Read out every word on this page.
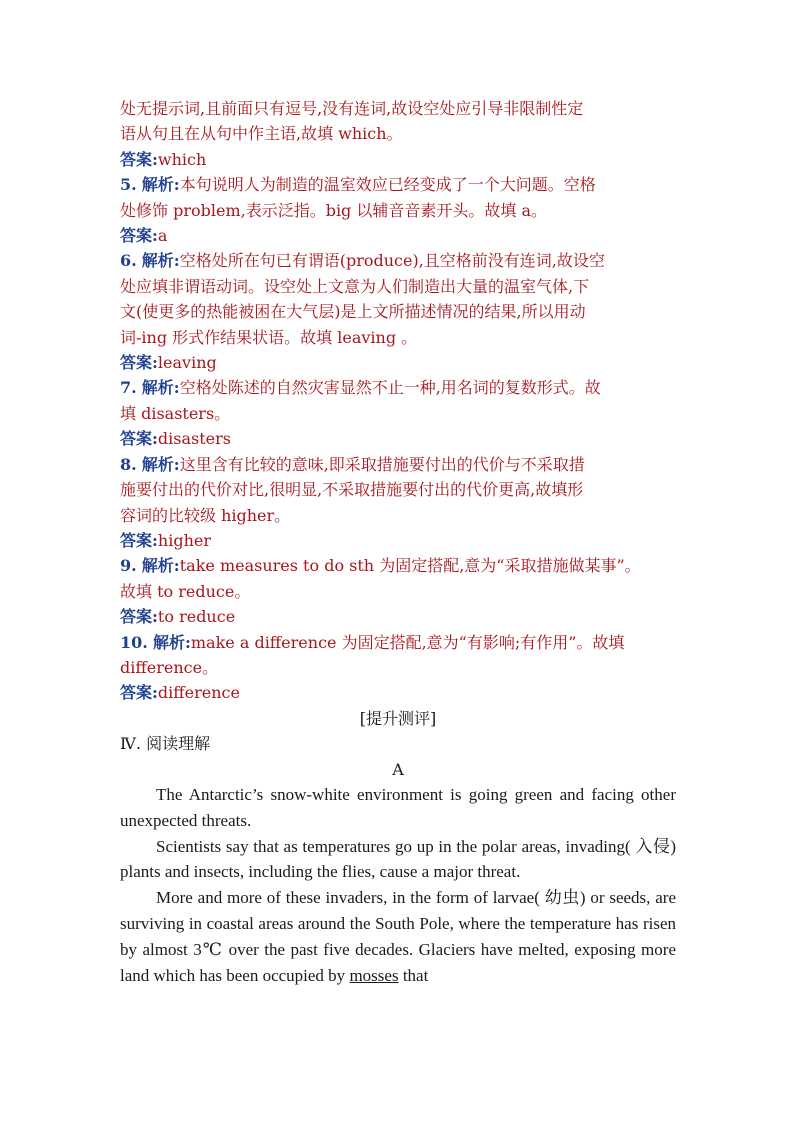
处无提示词,且前面只有逗号,没有连词,故设空处应引导非限制性定
语从句且在从句中作主语,故填 which。
答案:which
5. 解析:本句说明人为制造的温室效应已经变成了一个大问题。空格
处修饰 problem,表示泛指。big 以辅音音素开头。故填 a。
答案:a
6. 解析:空格处所在句已有谓语(produce),且空格前没有连词,故设空
处应填非谓语动词。设空处上文意为人们制造出大量的温室气体,下
文(使更多的热能被困在大气层)是上文所描述情况的结果,所以用动
词-ing 形式作结果状语。故填 leaving 。
答案:leaving
7. 解析:空格处陈述的自然灾害显然不止一种,用名词的复数形式。故
填 disasters。
答案:disasters
8. 解析:这里含有比较的意味,即采取措施要付出的代价与不采取措
施要付出的代价对比,很明显,不采取措施要付出的代价更高,故填形
容词的比较级 higher。
答案:higher
9. 解析:take measures to do sth 为固定搭配,意为“采取措施做某事”。
故填 to reduce。
答案:to reduce
10. 解析:make a difference 为固定搭配,意为“有影响;有作用”。故填
difference。
答案:difference
[提升测评]
Ⅳ. 阅读理解
A
The Antarctic’s snow-white environment is going green and facing other unexpected threats.
Scientists say that as temperatures go up in the polar areas, invading( 入侵) plants and insects, including the flies, cause a major threat.
More and more of these invaders, in the form of larvae( 幼虫) or seeds, are surviving in coastal areas around the South Pole, where the temperature has risen by almost 3℃ over the past five decades. Glaciers have melted, exposing more land which has been occupied by mosses that
